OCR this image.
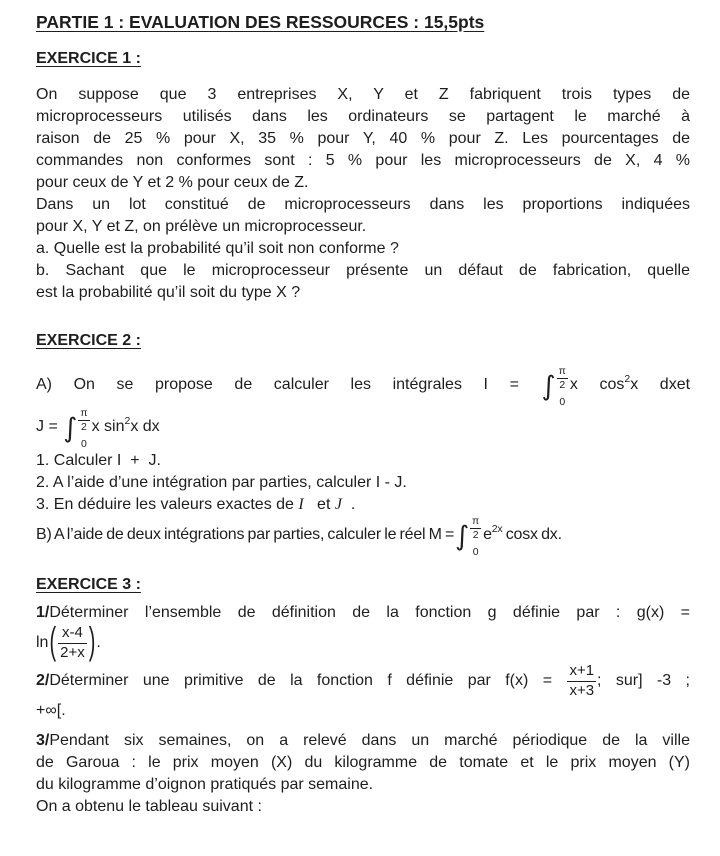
PARTIE 1 : EVALUATION DES RESSOURCES : 15,5pts
EXERCICE 1 :
On suppose que 3 entreprises X, Y et Z fabriquent trois types de
microprocesseurs utilisés dans les ordinateurs se partagent le marché à
raison de 25 % pour X, 35 % pour Y, 40 % pour Z. Les pourcentages de
commandes non conformes sont : 5 % pour les microprocesseurs de X, 4 %
pour ceux de Y et 2 % pour ceux de Z.
Dans un lot constitué de microprocesseurs dans les proportions indiquées
pour X, Y et Z, on prélève un microprocesseur.
a. Quelle est la probabilité qu’il soit non conforme ?
b. Sachant que le microprocesseur présente un défaut de fabrication, quelle
est la probabilité qu’il soit du type X ?
EXERCICE 2 :
A) On se propose de calculer les intégrales I = ∫ $\frac{\pi}{2}$
0
x $\cos^2x$ dxet
J = ∫ $\frac{\pi}{2}$
0
x $\sin^2x$ dx
1. Calculer I  +  J.
2. A l’aide d’une intégration par parties, calculer I - J.
3. En déduire les valeurs exactes de I   et J  .
B) A l’aide de deux intégrations par parties, calculer le réel M = ∫ $\frac{\pi}{2}$
0
$e^{2x}$ cosx dx.
EXERCICE 3 :
1/Déterminer l’ensemble de définition de la fonction g définie par : g(x) =
$\ln( \frac{x-4}{2+x}$ ).
2/Déterminer une primitive de la fonction f définie par $f(x) = \frac{x+1}{x+3}$ ; sur] -3 ;
+∞[.
3/Pendant six semaines, on a relevé dans un marché périodique de la ville
de Garoua : le prix moyen (X) du kilogramme de tomate et le prix moyen (Y)
du kilogramme d’oignon pratiqués par semaine.
On a obtenu le tableau suivant :
